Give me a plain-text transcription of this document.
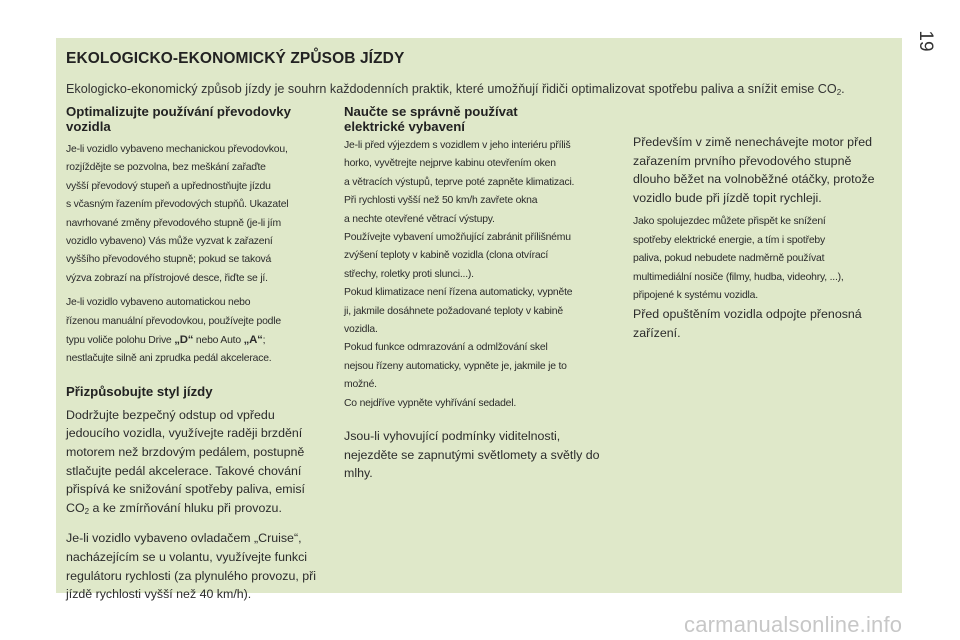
19
EKOLOGICKO-EKONOMICKÝ ZPŮSOB JÍZDY
Ekologicko-ekonomický způsob jízdy je souhrn každodenních praktik, které umožňují řidiči optimalizovat spotřebu paliva a snížit emise $CO_2$.
Optimalizujte používání převodovky vozidla

Je-li vozidlo vybaveno mechanickou převodovkou,
rozjíždějte se pozvolna, bez meškání zařaďte
vyšší převodový stupeň a upřednostňujte jízdu
s včasným řazením převodových stupňů. Ukazatel
navrhované změny převodového stupně (je-li jím
vozidlo vybaveno) Vás může vyzvat k zařazení
vyššího převodového stupně; pokud se taková
výzva zobrazí na přístrojové desce, řiďte se jí.

Je-li vozidlo vybaveno automatickou nebo
řízenou manuální převodovkou, používejte podle
typu voliče polohu Drive „D“ nebo Auto „A“;
nestlačujte silně ani zprudka pedál akcelerace.

Přizpůsobujte styl jízdy

Dodržujte bezpečný odstup od vpředu
jedoucího vozidla, využívejte raději brzdění
motorem než brzdovým pedálem, postupně
stlačujte pedál akcelerace. Takové chování
přispívá ke snižování spotřeby paliva, emisí
$CO_2$ a ke zmírňování hluku při provozu.

Je-li vozidlo vybaveno ovladačem „Cruise“,
nacházejícím se u volantu, využívejte funkci
regulátoru rychlosti (za plynulého provozu, při
jízdě rychlosti vyšší než 40 km/h).

Naučte se správně používat
elektrické vybavení

Je-li před výjezdem s vozidlem v jeho interiéru příliš
horko, vyvětrejte nejprve kabinu otevřením oken
a větracích výstupů, teprve poté zapněte klimatizaci.
Při rychlosti vyšší než 50 km/h zavřete okna
a nechte otevřené větrací výstupy.
Používejte vybavení umožňující zabránit přílišnému
zvýšení teploty v kabině vozidla (clona otvírací
střechy, roletky proti slunci...).
Pokud klimatizace není řízena automaticky, vypněte
ji, jakmile dosáhnete požadované teploty v kabině
vozidla.
Pokud funkce odmrazování a odmlžování skel
nejsou řízeny automaticky, vypněte je, jakmile je to
možné.
Co nejdříve vypněte vyhřívání sedadel.

Jsou-li vyhovující podmínky viditelnosti,
nejezděte se zapnutými světlomety a světly do
mlhy.

Především v zimě nenechávejte motor před
zařazením prvního převodového stupně
dlouho běžet na volnoběžné otáčky, protože
vozidlo bude při jízdě topit rychleji.

Jako spolujezdec můžete přispět ke snížení
spotřeby elektrické energie, a tím i spotřeby
paliva, pokud nebudete nadměrně používat
multimediální nosiče (filmy, hudba, videohry, ...),
připojené k systému vozidla.

Před opuštěním vozidla odpojte přenosná
zařízení.

carmanualsonline.info
